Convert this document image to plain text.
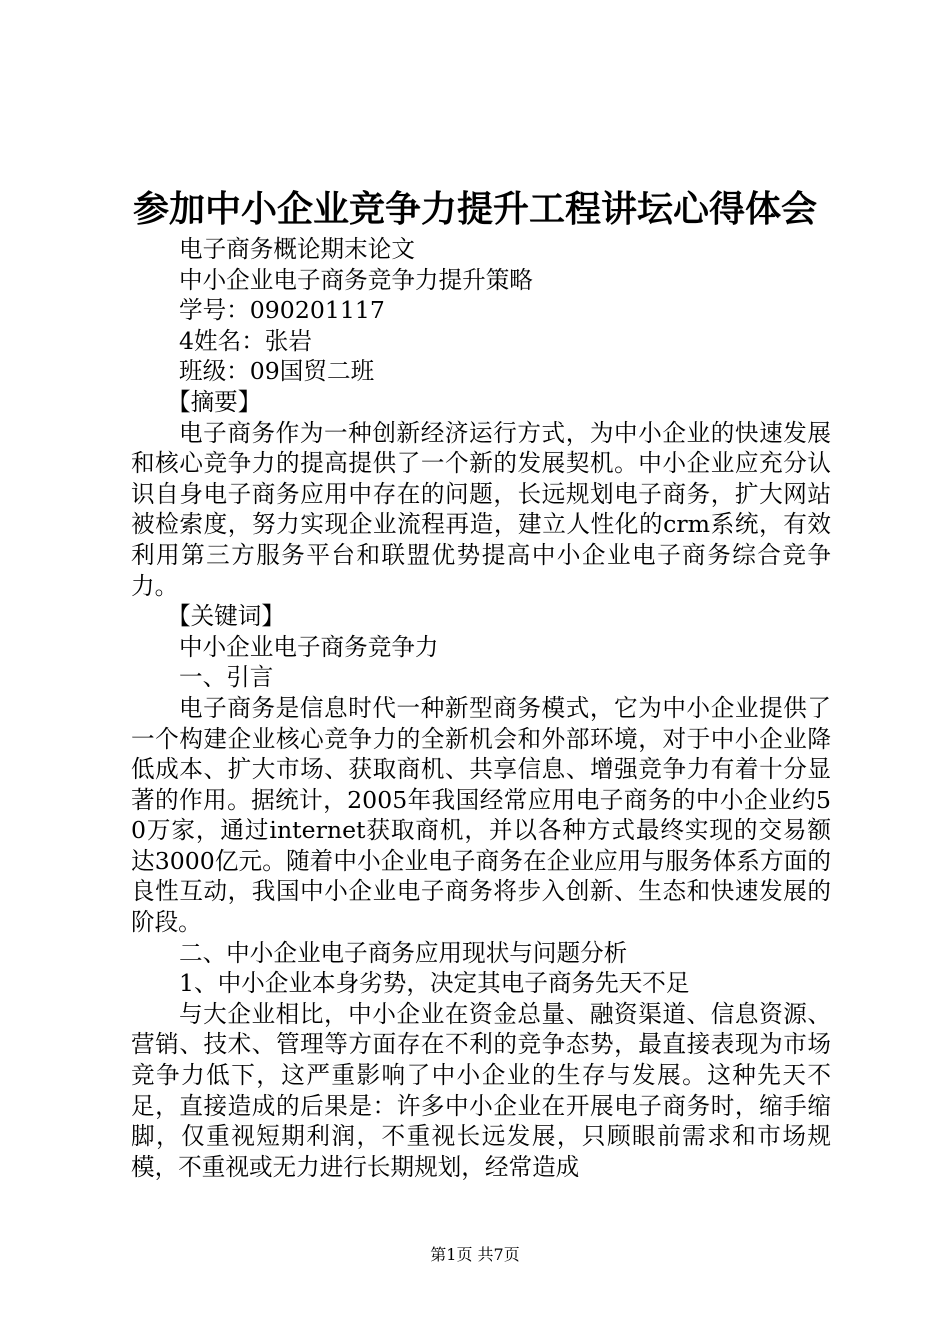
参加中小企业竞争力提升工程讲坛心得体会
电子商务概论期末论文
中小企业电子商务竞争力提升策略
学号：090201117
4姓名：张岩
班级：09国贸二班
【摘要】

电子商务作为一种创新经济运行方式，为中小企业的快速发展和核心竞争力的提高提供了一个新的发展契机。中小企业应充分认识自身电子商务应用中存在的问题，长远规划电子商务，扩大网站被检索度，努力实现企业流程再造，建立人性化的crm系统，有效利用第三方服务平台和联盟优势提高中小企业电子商务综合竞争力。

【关键词】
中小企业电子商务竞争力
一、引言

电子商务是信息时代一种新型商务模式，它为中小企业提供了一个构建企业核心竞争力的全新机会和外部环境，对于中小企业降低成本、扩大市场、获取商机、共享信息、增强竞争力有着十分显著的作用。据统计，2005年我国经常应用电子商务的中小企业约50万家，通过internet获取商机，并以各种方式最终实现的交易额达3000亿元。随着中小企业电子商务在企业应用与服务体系方面的良性互动，我国中小企业电子商务将步入创新、生态和快速发展的阶段。

二、中小企业电子商务应用现状与问题分析
1、中小企业本身劣势，决定其电子商务先天不足

与大企业相比，中小企业在资金总量、融资渠道、信息资源、营销、技术、管理等方面存在不利的竞争态势，最直接表现为市场竞争力低下，这严重影响了中小企业的生存与发展。这种先天不足，直接造成的后果是：许多中小企业在开展电子商务时，缩手缩脚，仅重视短期利润，不重视长远发展，只顾眼前需求和市场规模，不重视或无力进行长期规划，经常造成

第1页 共7页
